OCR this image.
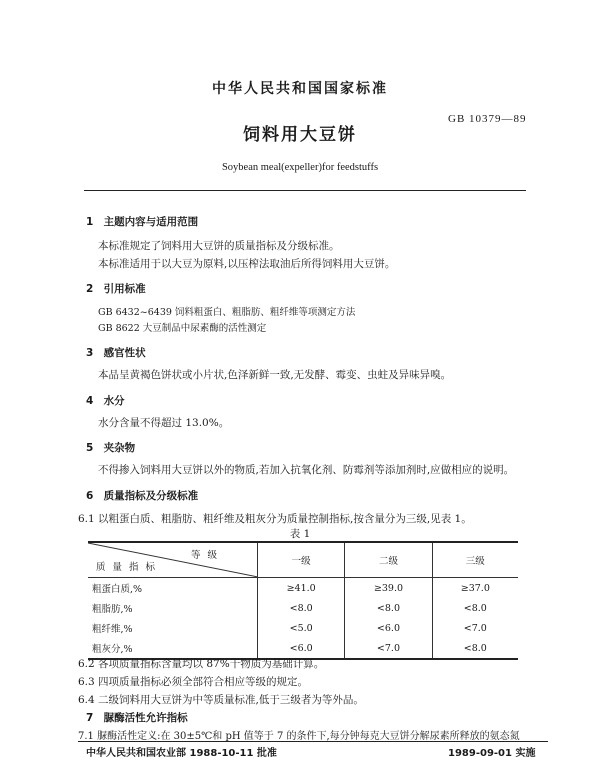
中华人民共和国国家标准
GB 10379—89
饲料用大豆饼
Soybean meal(expeller)for feedstuffs
1 主题内容与适用范围
本标准规定了饲料用大豆饼的质量指标及分级标准。
本标准适用于以大豆为原料,以压榨法取油后所得饲料用大豆饼。
2 引用标准
GB 6432~6439 饲料粗蛋白、粗脂肪、粗纤维等项测定方法
GB 8622 大豆制品中尿素酶的活性测定
3 感官性状
本品呈黄褐色饼状或小片状,色泽新鲜一致,无发酵、霉变、虫蛀及异味异嗅。
4 水分
水分含量不得超过 13.0%。
5 夹杂物
不得掺入饲料用大豆饼以外的物质,若加入抗氧化剂、防霉剂等添加剂时,应做相应的说明。
6 质量指标及分级标准
6.1 以粗蛋白质、粗脂肪、粗纤维及粗灰分为质量控制指标,按含量分为三级,见表 1。
表 1
等 级
质 量 指 标	一级	二级	三级
粗蛋白质,%	≥41.0	≥39.0	≥37.0
粗脂肪,%	<8.0	<8.0	<8.0
粗纤维,%	<5.0	<6.0	<7.0
粗灰分,%	<6.0	<7.0	<8.0
6.2 各项质量指标含量均以 87%干物质为基础计算。
6.3 四项质量指标必须全部符合相应等级的规定。
6.4 二级饲料用大豆饼为中等质量标准,低于三级者为等外品。
7 脲酶活性允许指标
7.1 脲酶活性定义:在 30±5℃和 pH 值等于 7 的条件下,每分钟每克大豆饼分解尿素所释放的氨态氮
中华人民共和国农业部 1988-10-11 批准	1989-09-01 实施
